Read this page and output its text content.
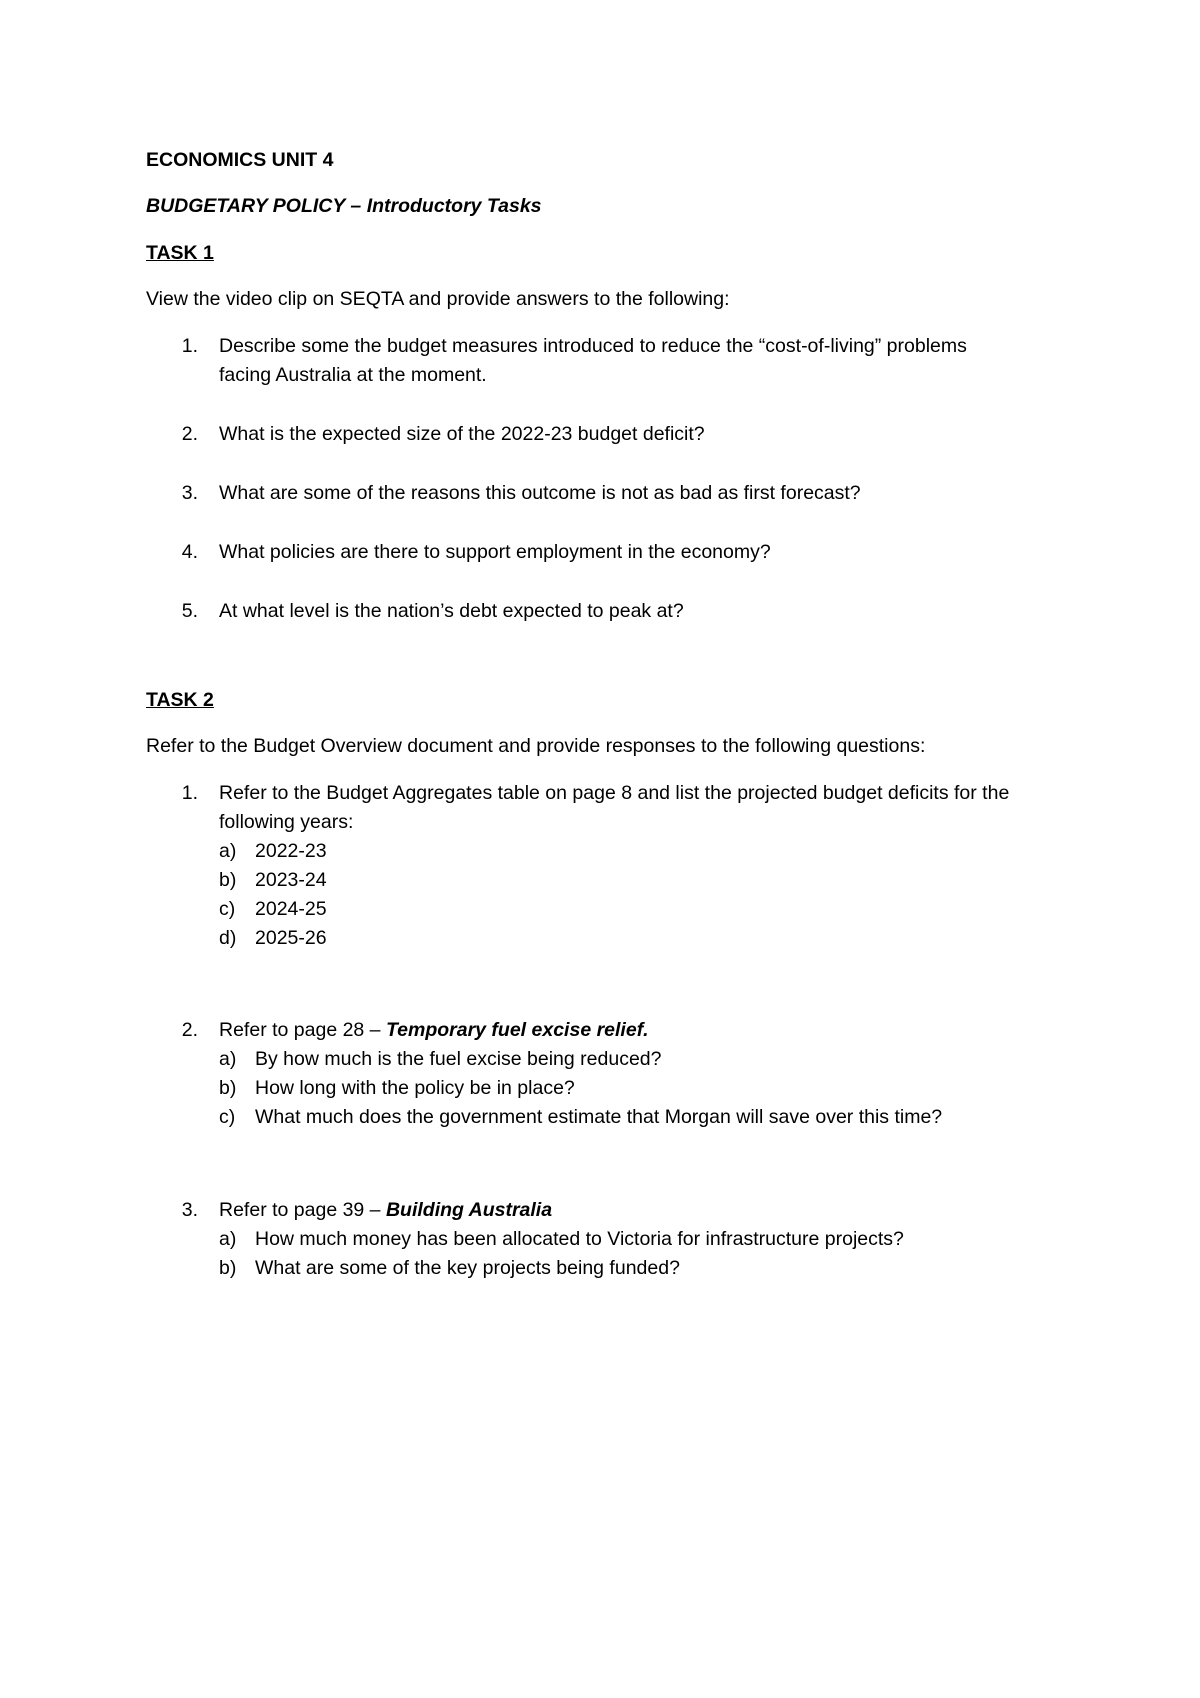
ECONOMICS UNIT 4
BUDGETARY POLICY – Introductory Tasks
TASK 1
View the video clip on SEQTA and provide answers to the following:
1. Describe some the budget measures introduced to reduce the “cost-of-living” problems
facing Australia at the moment.
2. What is the expected size of the 2022-23 budget deficit?
3. What are some of the reasons this outcome is not as bad as first forecast?
4. What policies are there to support employment in the economy?
5. At what level is the nation’s debt expected to peak at?
TASK 2
Refer to the Budget Overview document and provide responses to the following questions:
1. Refer to the Budget Aggregates table on page 8 and list the projected budget deficits for the
following years:
a) 2022-23
b) 2023-24
c) 2024-25
d) 2025-26
2. Refer to page 28 – Temporary fuel excise relief.
a) By how much is the fuel excise being reduced?
b) How long with the policy be in place?
c) What much does the government estimate that Morgan will save over this time?
3. Refer to page 39 – Building Australia
a) How much money has been allocated to Victoria for infrastructure projects?
b) What are some of the key projects being funded?
